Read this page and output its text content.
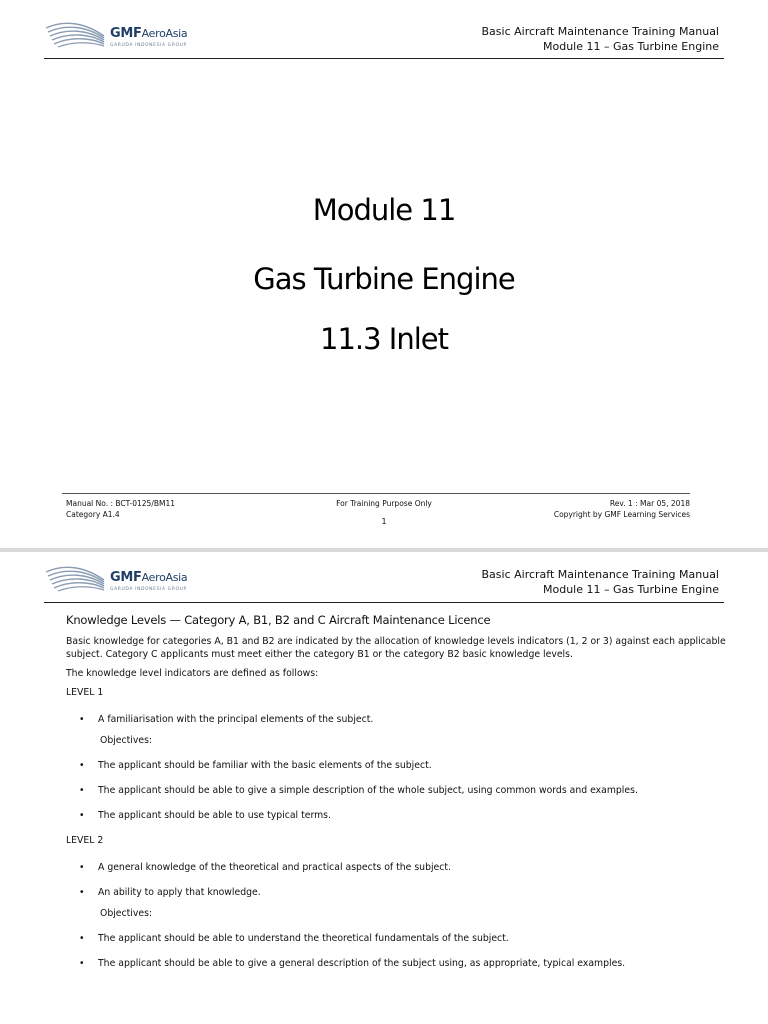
GMFAeroAsia
GARUDA INDONESIA GROUP
Basic Aircraft Maintenance Training Manual
Module 11 – Gas Turbine Engine
Module 11
Gas Turbine Engine
11.3 Inlet
Manual No. : BCT-0125/BM11
Category A1.4
For Training Purpose Only	Rev. 1 : Mar 05, 2018
Copyright by GMF Learning Services
1
GMFAeroAsia
GARUDA INDONESIA GROUP
Basic Aircraft Maintenance Training Manual
Module 11 – Gas Turbine Engine
Knowledge Levels — Category A, B1, B2 and C Aircraft Maintenance Licence

Basic knowledge for categories A, B1 and B2 are indicated by the allocation of knowledge levels indicators (1, 2 or 3) against each applicable subject. Category C applicants must meet either the category B1 or the category B2 basic knowledge levels.

The knowledge level indicators are defined as follows:

LEVEL 1
• A familiarisation with the principal elements of the subject.
Objectives:
• The applicant should be familiar with the basic elements of the subject.
• The applicant should be able to give a simple description of the whole subject, using common words and examples.
• The applicant should be able to use typical terms.
LEVEL 2
• A general knowledge of the theoretical and practical aspects of the subject.
• An ability to apply that knowledge.
Objectives:
• The applicant should be able to understand the theoretical fundamentals of the subject.
• The applicant should be able to give a general description of the subject using, as appropriate, typical examples.
